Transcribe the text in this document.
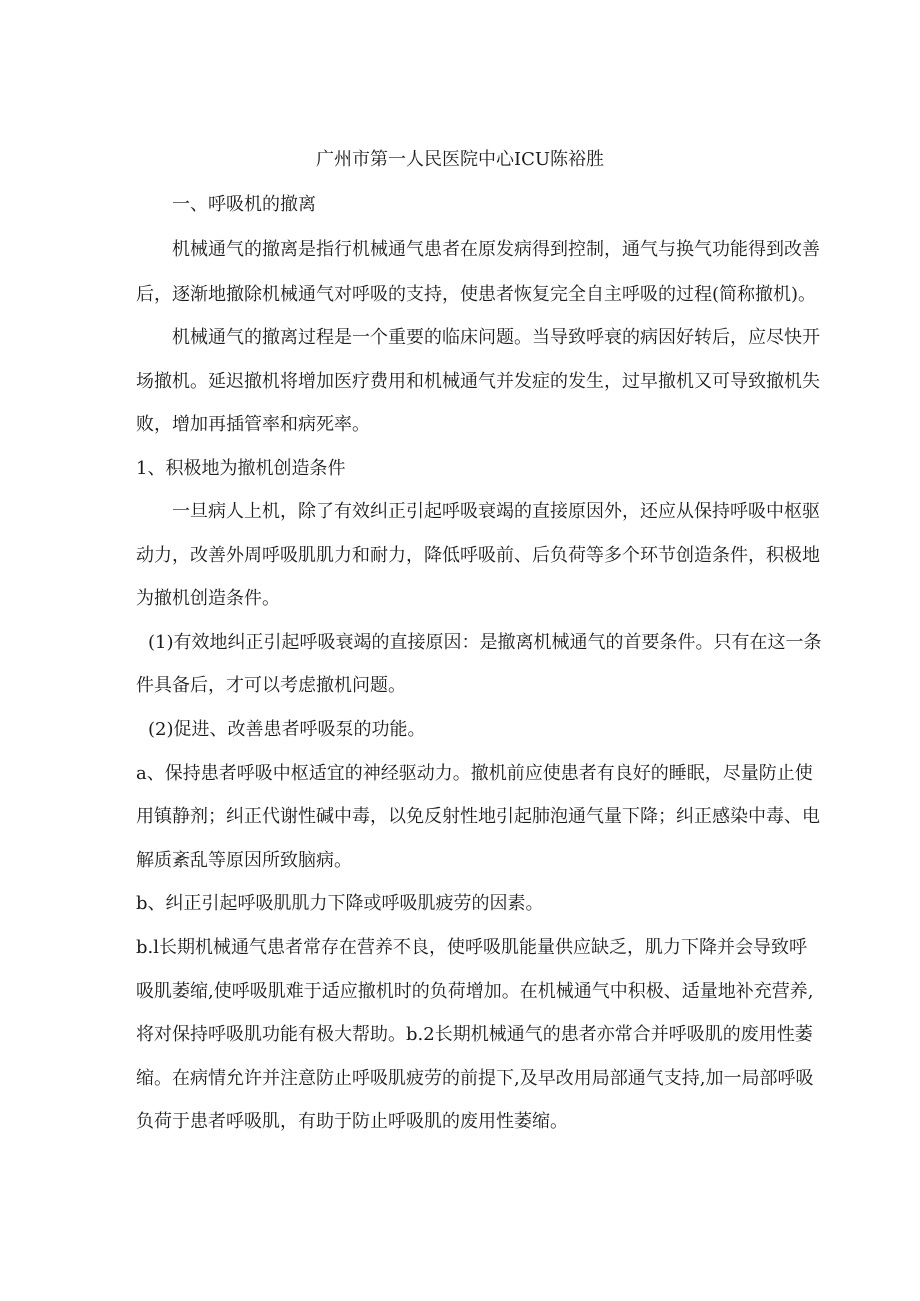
广州市第一人民医院中心ICU陈裕胜
一、呼吸机的撤离
机械通气的撤离是指行机械通气患者在原发病得到控制，通气与换气功能得到改善
后，逐渐地撤除机械通气对呼吸的支持，使患者恢复完全自主呼吸的过程(简称撤机)。
机械通气的撤离过程是一个重要的临床问题。当导致呼衰的病因好转后，应尽快开
场撤机。延迟撤机将增加医疗费用和机械通气并发症的发生，过早撤机又可导致撤机失
败，增加再插管率和病死率。
1、积极地为撤机创造条件
一旦病人上机，除了有效纠正引起呼吸衰竭的直接原因外，还应从保持呼吸中枢驱
动力，改善外周呼吸肌肌力和耐力，降低呼吸前、后负荷等多个环节创造条件，积极地
为撤机创造条件。
(1)有效地纠正引起呼吸衰竭的直接原因：是撤离机械通气的首要条件。只有在这一条
件具备后，才可以考虑撤机问题。
(2)促进、改善患者呼吸泵的功能。
a、保持患者呼吸中枢适宜的神经驱动力。撤机前应使患者有良好的睡眠，尽量防止使
用镇静剂；纠正代谢性碱中毒，以免反射性地引起肺泡通气量下降；纠正感染中毒、电
解质紊乱等原因所致脑病。
b、纠正引起呼吸肌肌力下降或呼吸肌疲劳的因素。
b.l长期机械通气患者常存在营养不良，使呼吸肌能量供应缺乏，肌力下降并会导致呼
吸肌萎缩,使呼吸肌难于适应撤机时的负荷增加。在机械通气中积极、适量地补充营养,
将对保持呼吸肌功能有极大帮助。b.2长期机械通气的患者亦常合并呼吸肌的废用性萎
缩。在病情允许并注意防止呼吸肌疲劳的前提下,及早改用局部通气支持,加一局部呼吸
负荷于患者呼吸肌，有助于防止呼吸肌的废用性萎缩。
